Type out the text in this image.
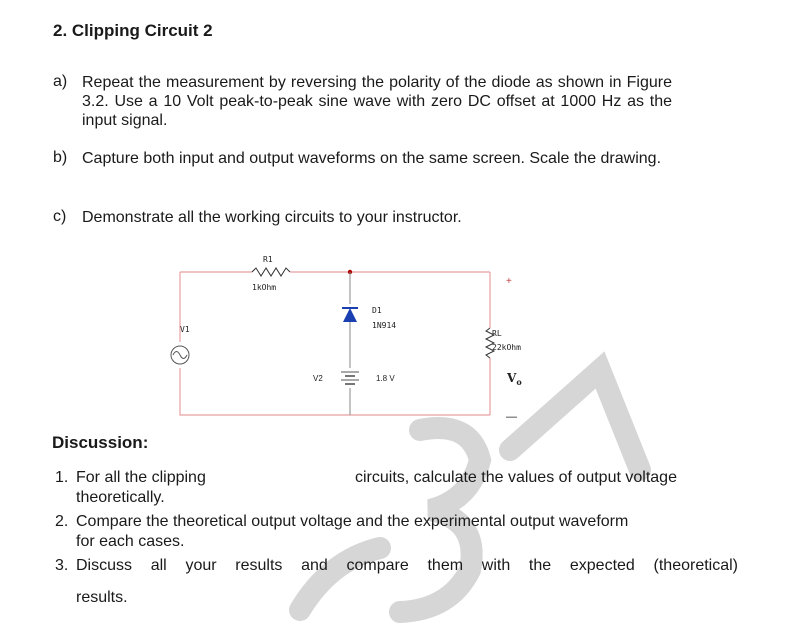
2. Clipping Circuit 2
a) Repeat the measurement by reversing the polarity of the diode as shown in Figure 3.2. Use a 10 Volt peak-to-peak sine wave with zero DC offset at 1000 Hz as the input signal.
b) Capture both input and output waveforms on the same screen. Scale the drawing.
c) Demonstrate all the working circuits to your instructor.
R1
1kOhm
D1
1N914
V2	1.8 V
V1	RL
22kOhm
+
$V_o$
—
Discussion:
1. For all the clipping	circuits, calculate the values of output voltage
theoretically.
2. Compare the theoretical output voltage and the experimental output waveform
for each cases.
3. Discuss all your results and compare them with the expected (theoretical)
results.
